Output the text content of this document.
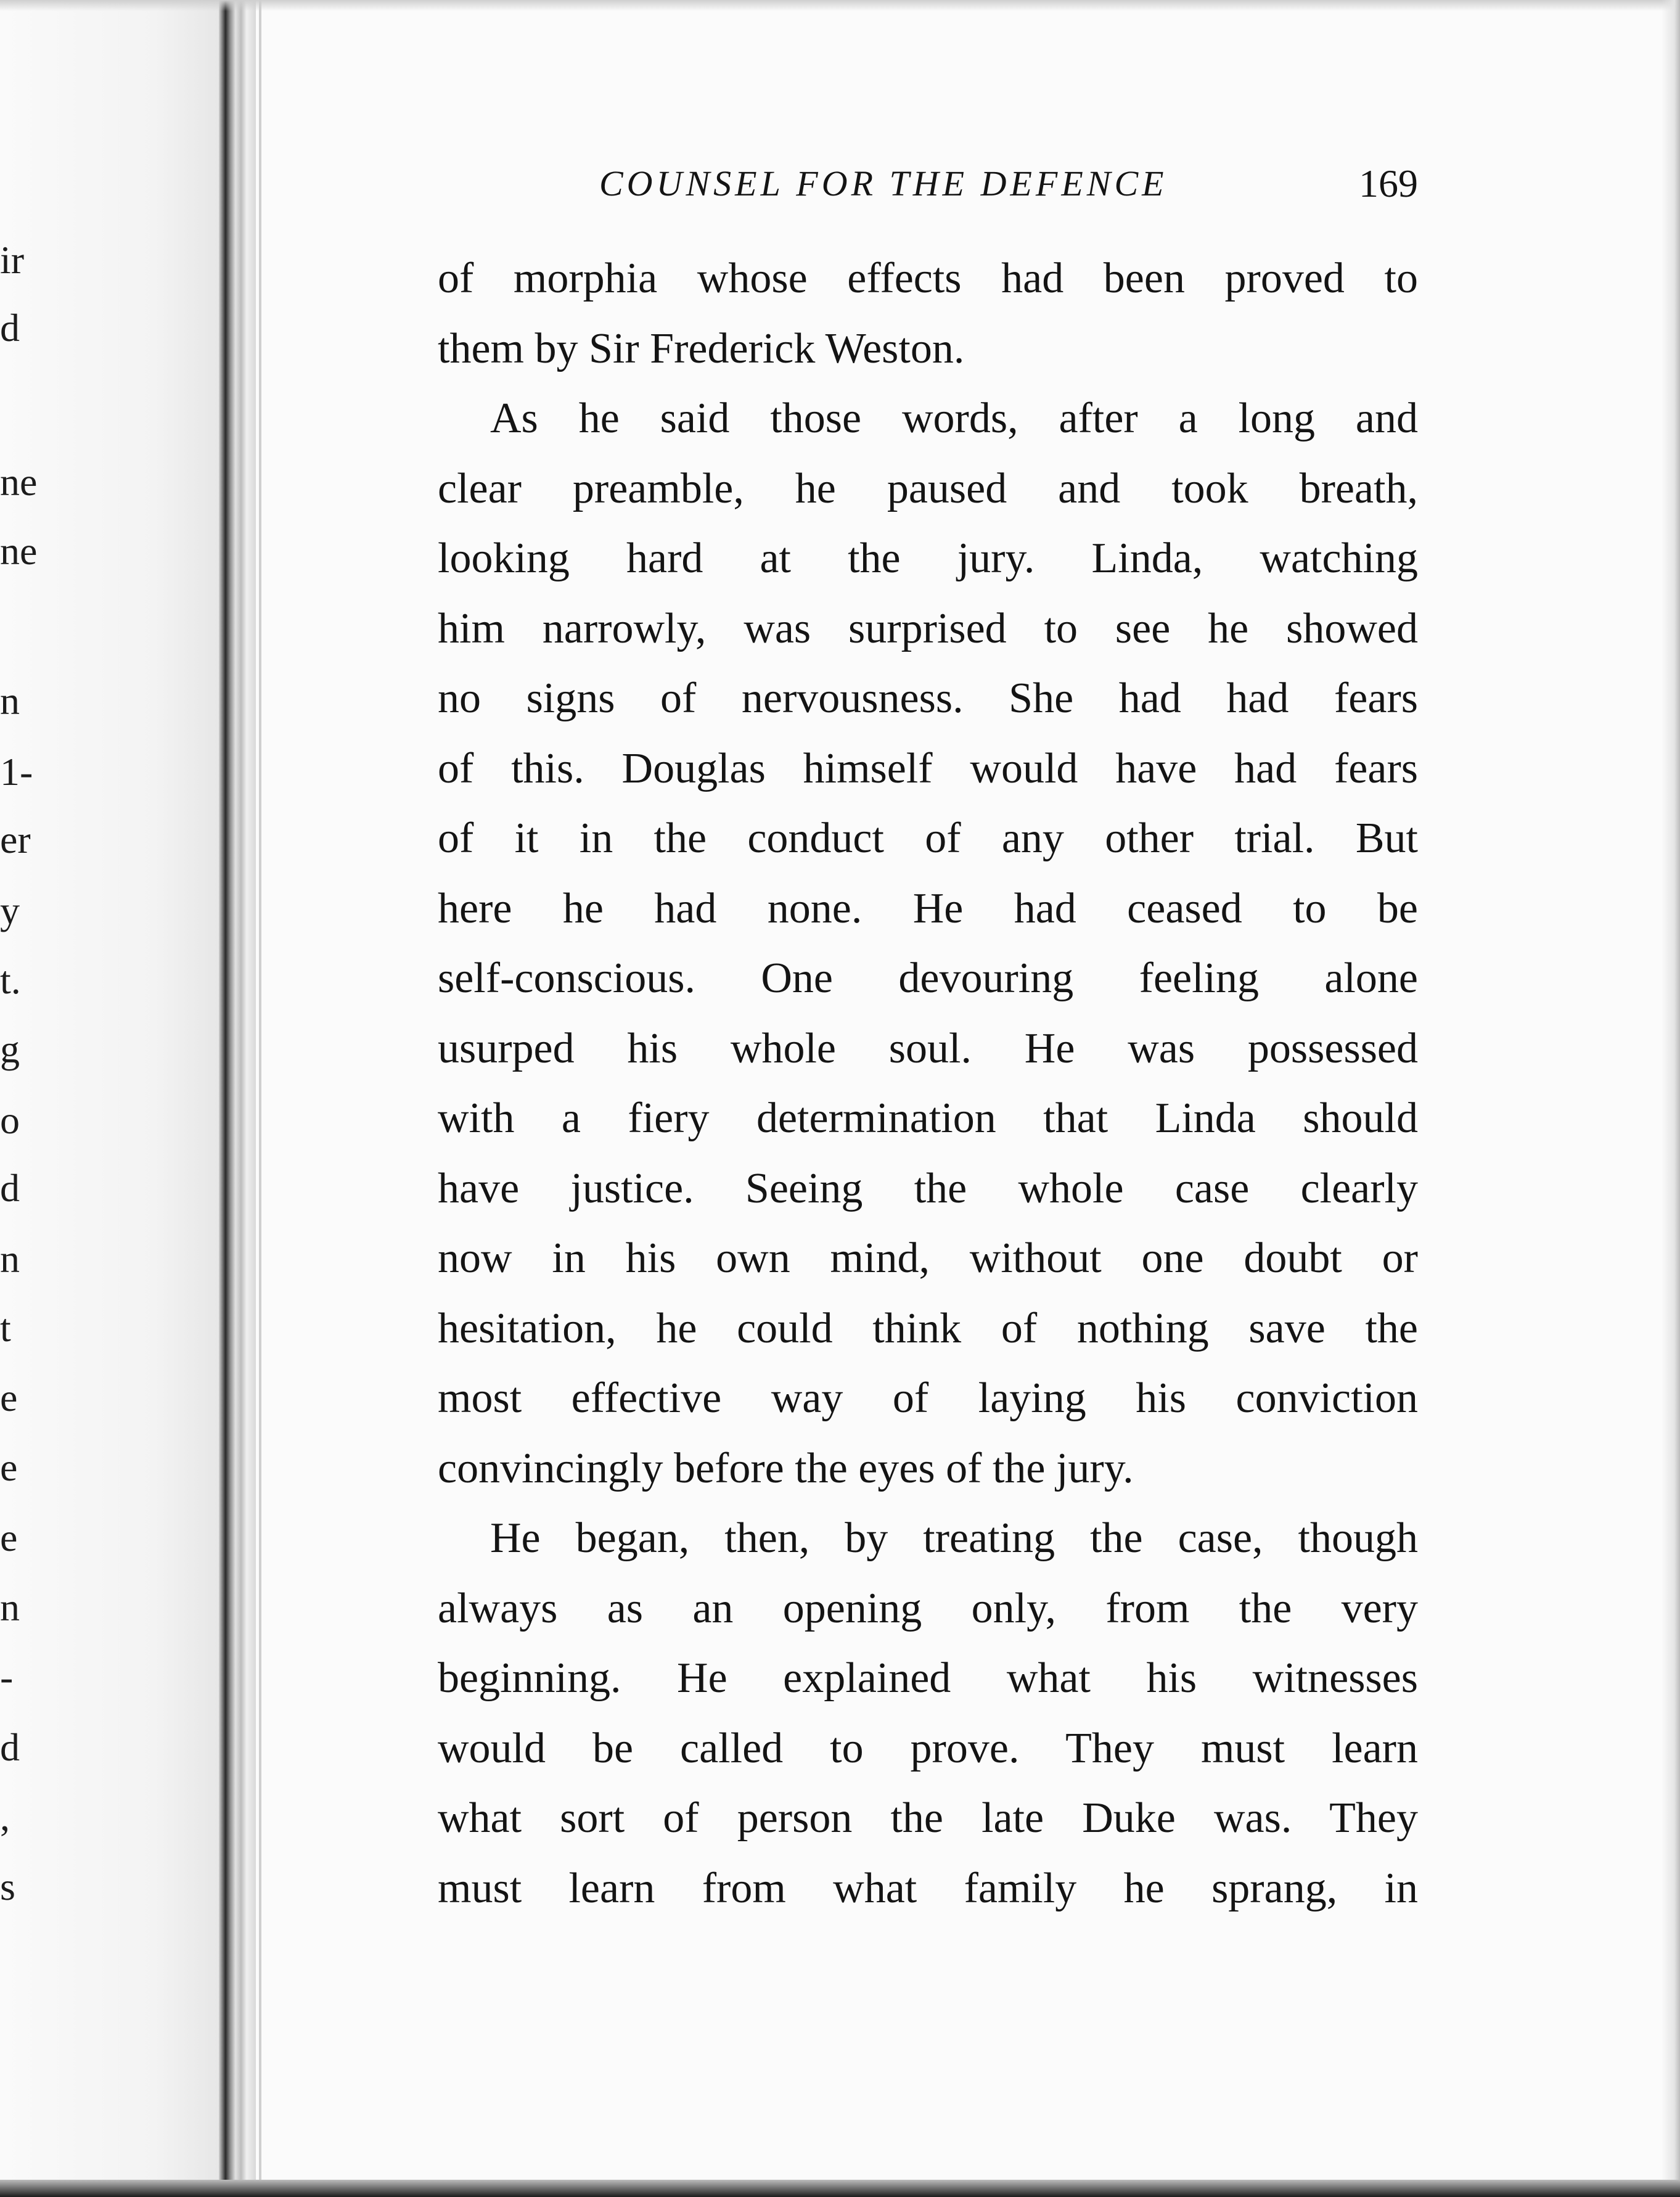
ir
d
ne
ne
n
1-
er
y
t.
g
o
d
n
t
e
e
e
n
-
d
,
s
COUNSEL FOR THE DEFENCE	169
of morphia whose effects had been proved to
them by Sir Frederick Weston.
As he said those words, after a long and
clear preamble, he paused and took breath,
looking hard at the jury. Linda, watching
him narrowly, was surprised to see he showed
no signs of nervousness. She had had fears
of this. Douglas himself would have had fears
of it in the conduct of any other trial. But
here he had none. He had ceased to be
self-conscious. One devouring feeling alone
usurped his whole soul. He was possessed
with a fiery determination that Linda should
have justice. Seeing the whole case clearly
now in his own mind, without one doubt or
hesitation, he could think of nothing save the
most effective way of laying his conviction
convincingly before the eyes of the jury.
He began, then, by treating the case, though
always as an opening only, from the very
beginning. He explained what his witnesses
would be called to prove. They must learn
what sort of person the late Duke was. They
must learn from what family he sprang, in
